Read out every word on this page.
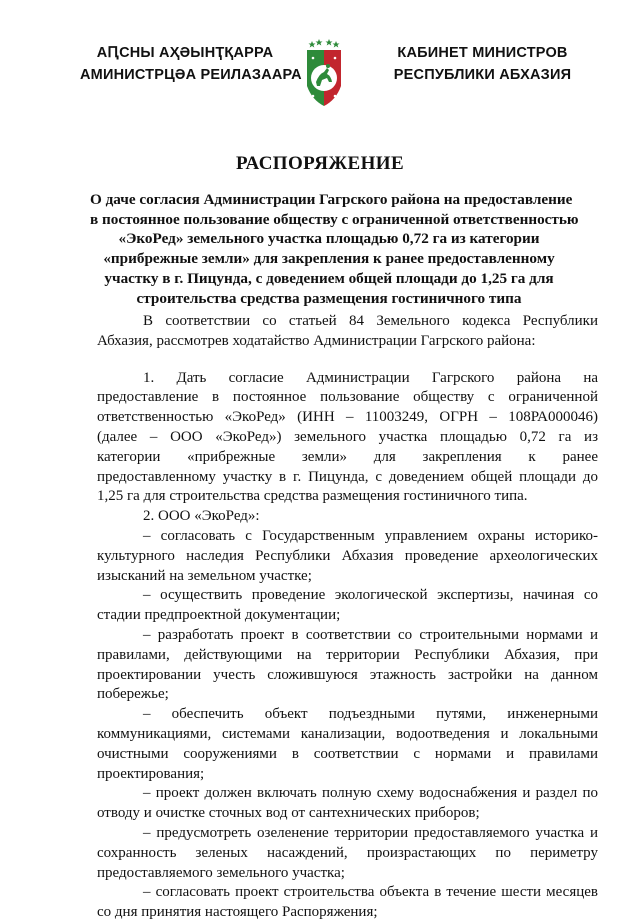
АԤСНЫ АҲӘЫНҬҚАРРА
АМИНИСТРЦӘА РЕИЛАЗААРА
КАБИНЕТ МИНИСТРОВ
РЕСПУБЛИКИ АБХАЗИЯ
РАСПОРЯЖЕНИЕ
О даче согласия Администрации Гагрского района на предоставление
в постоянное пользование обществу с ограниченной ответственностью
«ЭкоРед» земельного участка площадью 0,72 га из категории
«прибрежные земли» для закрепления к ранее предоставленному
участку в г. Пицунда, с доведением общей площади до 1,25 га для
строительства средства размещения гостиничного типа
В соответствии со статьей 84 Земельного кодекса Республики
Абхазия, рассмотрев ходатайство Администрации Гагрского района:
1. Дать согласие Администрации Гагрского района на
предоставление в постоянное пользование обществу с ограниченной
ответственностью «ЭкоРед» (ИНН – 11003249, ОГРН – 108РА000046)
(далее – ООО «ЭкоРед») земельного участка площадью 0,72 га из
категории «прибрежные земли» для закрепления к ранее
предоставленному участку в г. Пицунда, с доведением общей площади до
1,25 га для строительства средства размещения гостиничного типа.
2. ООО «ЭкоРед»:
– согласовать с Государственным управлением охраны историко-
культурного наследия Республики Абхазия проведение археологических
изысканий на земельном участке;
– осуществить проведение экологической экспертизы, начиная со
стадии предпроектной документации;
– разработать проект в соответствии со строительными нормами и
правилами, действующими на территории Республики Абхазия, при
проектировании учесть сложившуюся этажность застройки на данном
побережье;
– обеспечить объект подъездными путями, инженерными
коммуникациями, системами канализации, водоотведения и локальными
очистными сооружениями в соответствии с нормами и правилами
проектирования;
– проект должен включать полную схему водоснабжения и раздел по
отводу и очистке сточных вод от сантехнических приборов;
– предусмотреть озеленение территории предоставляемого участка и
сохранность зеленых насаждений, произрастающих по периметру
предоставляемого земельного участка;
– согласовать проект строительства объекта в течение шести месяцев
со дня принятия настоящего Распоряжения;
